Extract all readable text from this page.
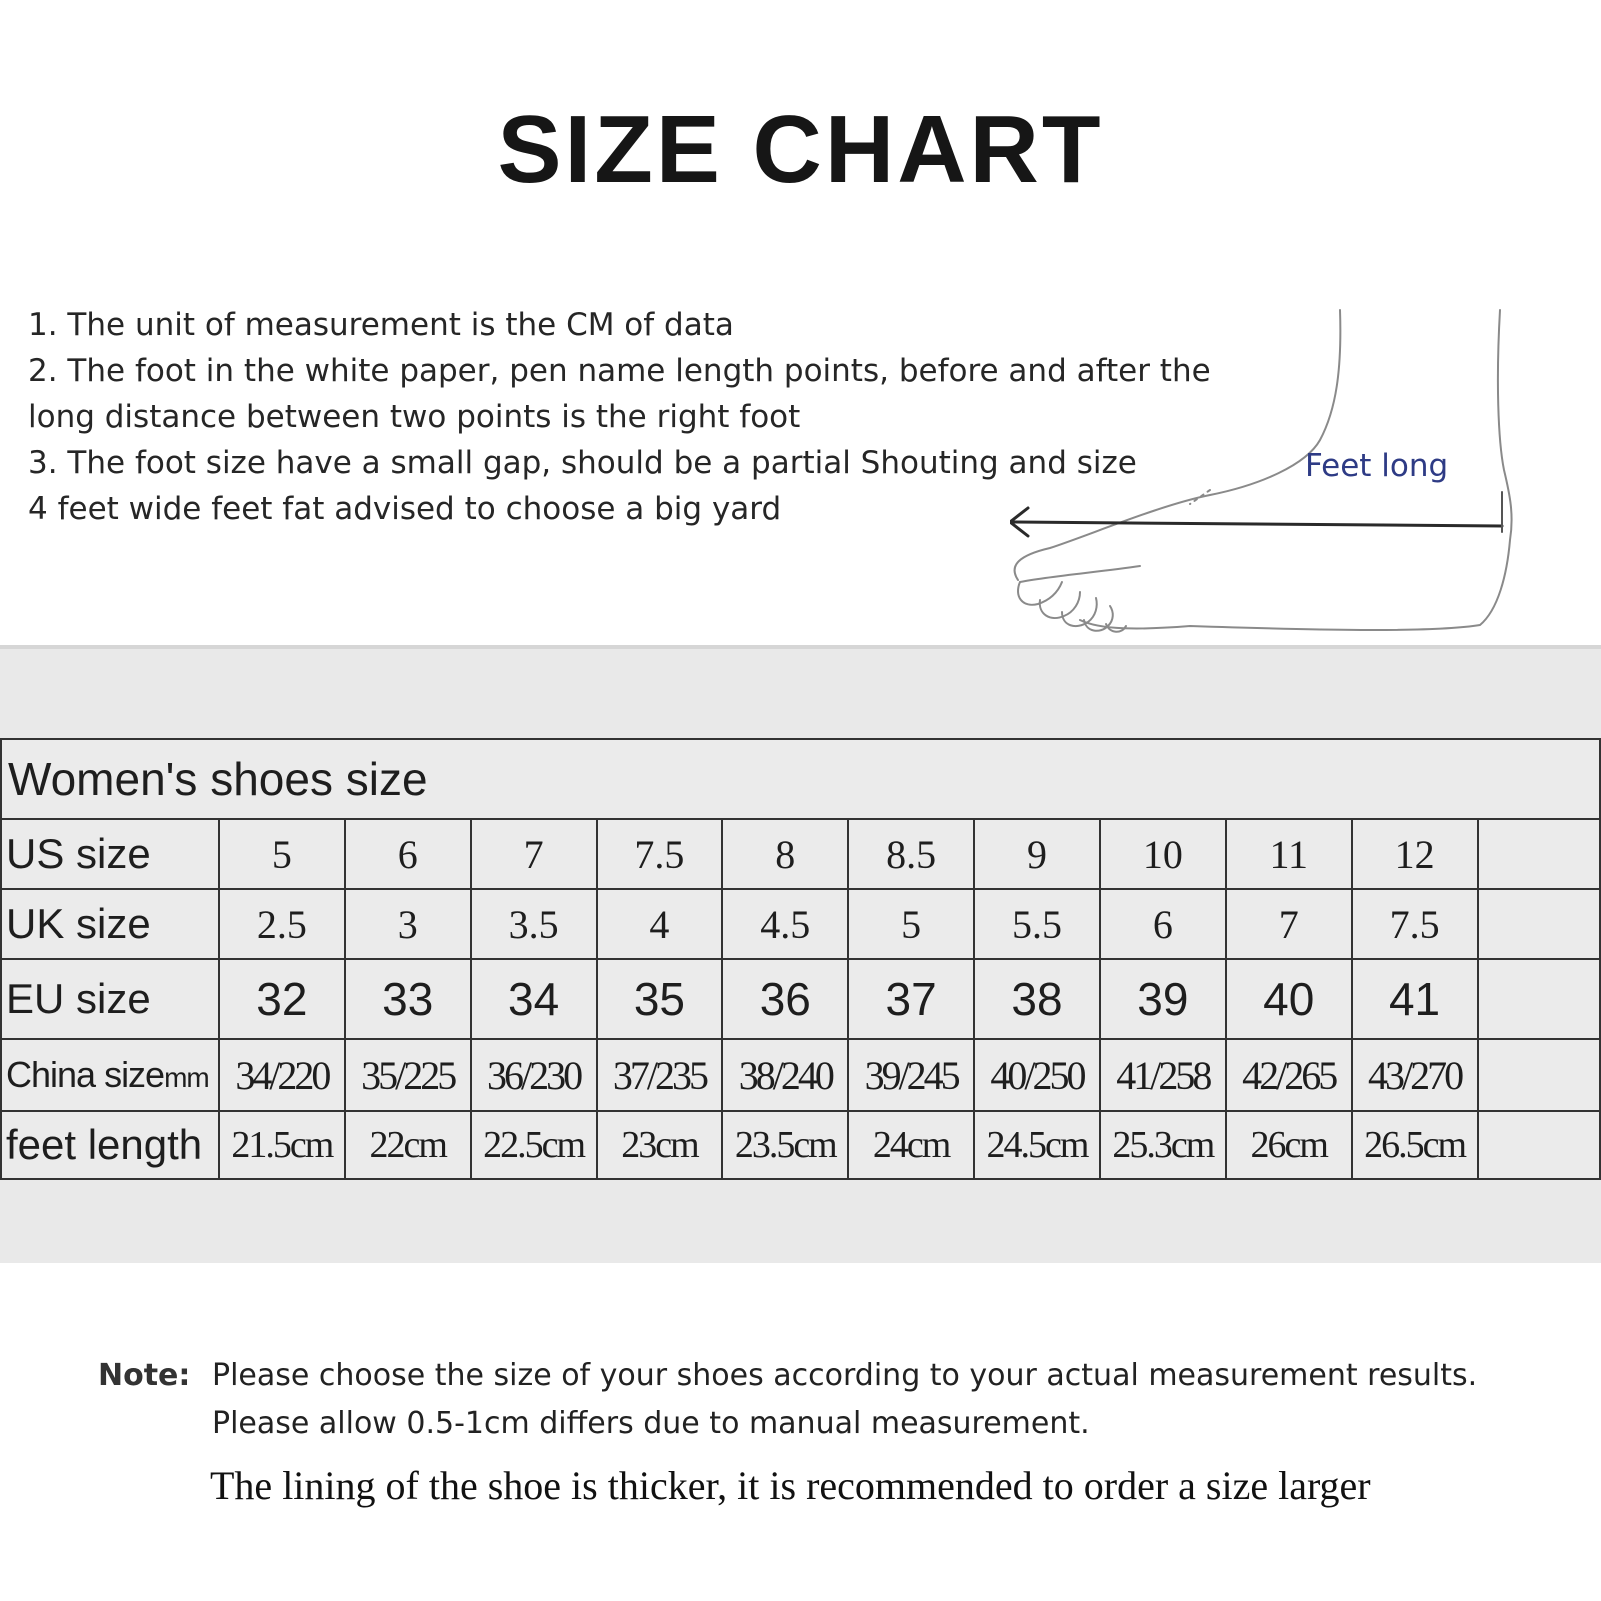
SIZE CHART
1. The unit of measurement is the CM of data
2. The foot in the white paper, pen name length points, before and after the
long distance between two points is the right foot
3. The foot size have a small gap, should be a partial Shouting and size
4 feet wide feet fat advised to choose a big yard
Feet long
Women's shoes size											
US size	5	6	7	7.5	8	8.5	9	10	11	12	
UK size	2.5	3	3.5	4	4.5	5	5.5	6	7	7.5	
EU size	32	33	34	35	36	37	38	39	40	41	
China sizemm	34/220	35/225	36/230	37/235	38/240	39/245	40/250	41/258	42/265	43/270	
feet length	21.5cm	22cm	22.5cm	23cm	23.5cm	24cm	24.5cm	25.3cm	26cm	26.5cm	
Note: Please choose the size of your shoes according to your actual measurement results.
Please allow 0.5-1cm differs due to manual measurement.
The lining of the shoe is thicker, it is recommended to order a size larger
